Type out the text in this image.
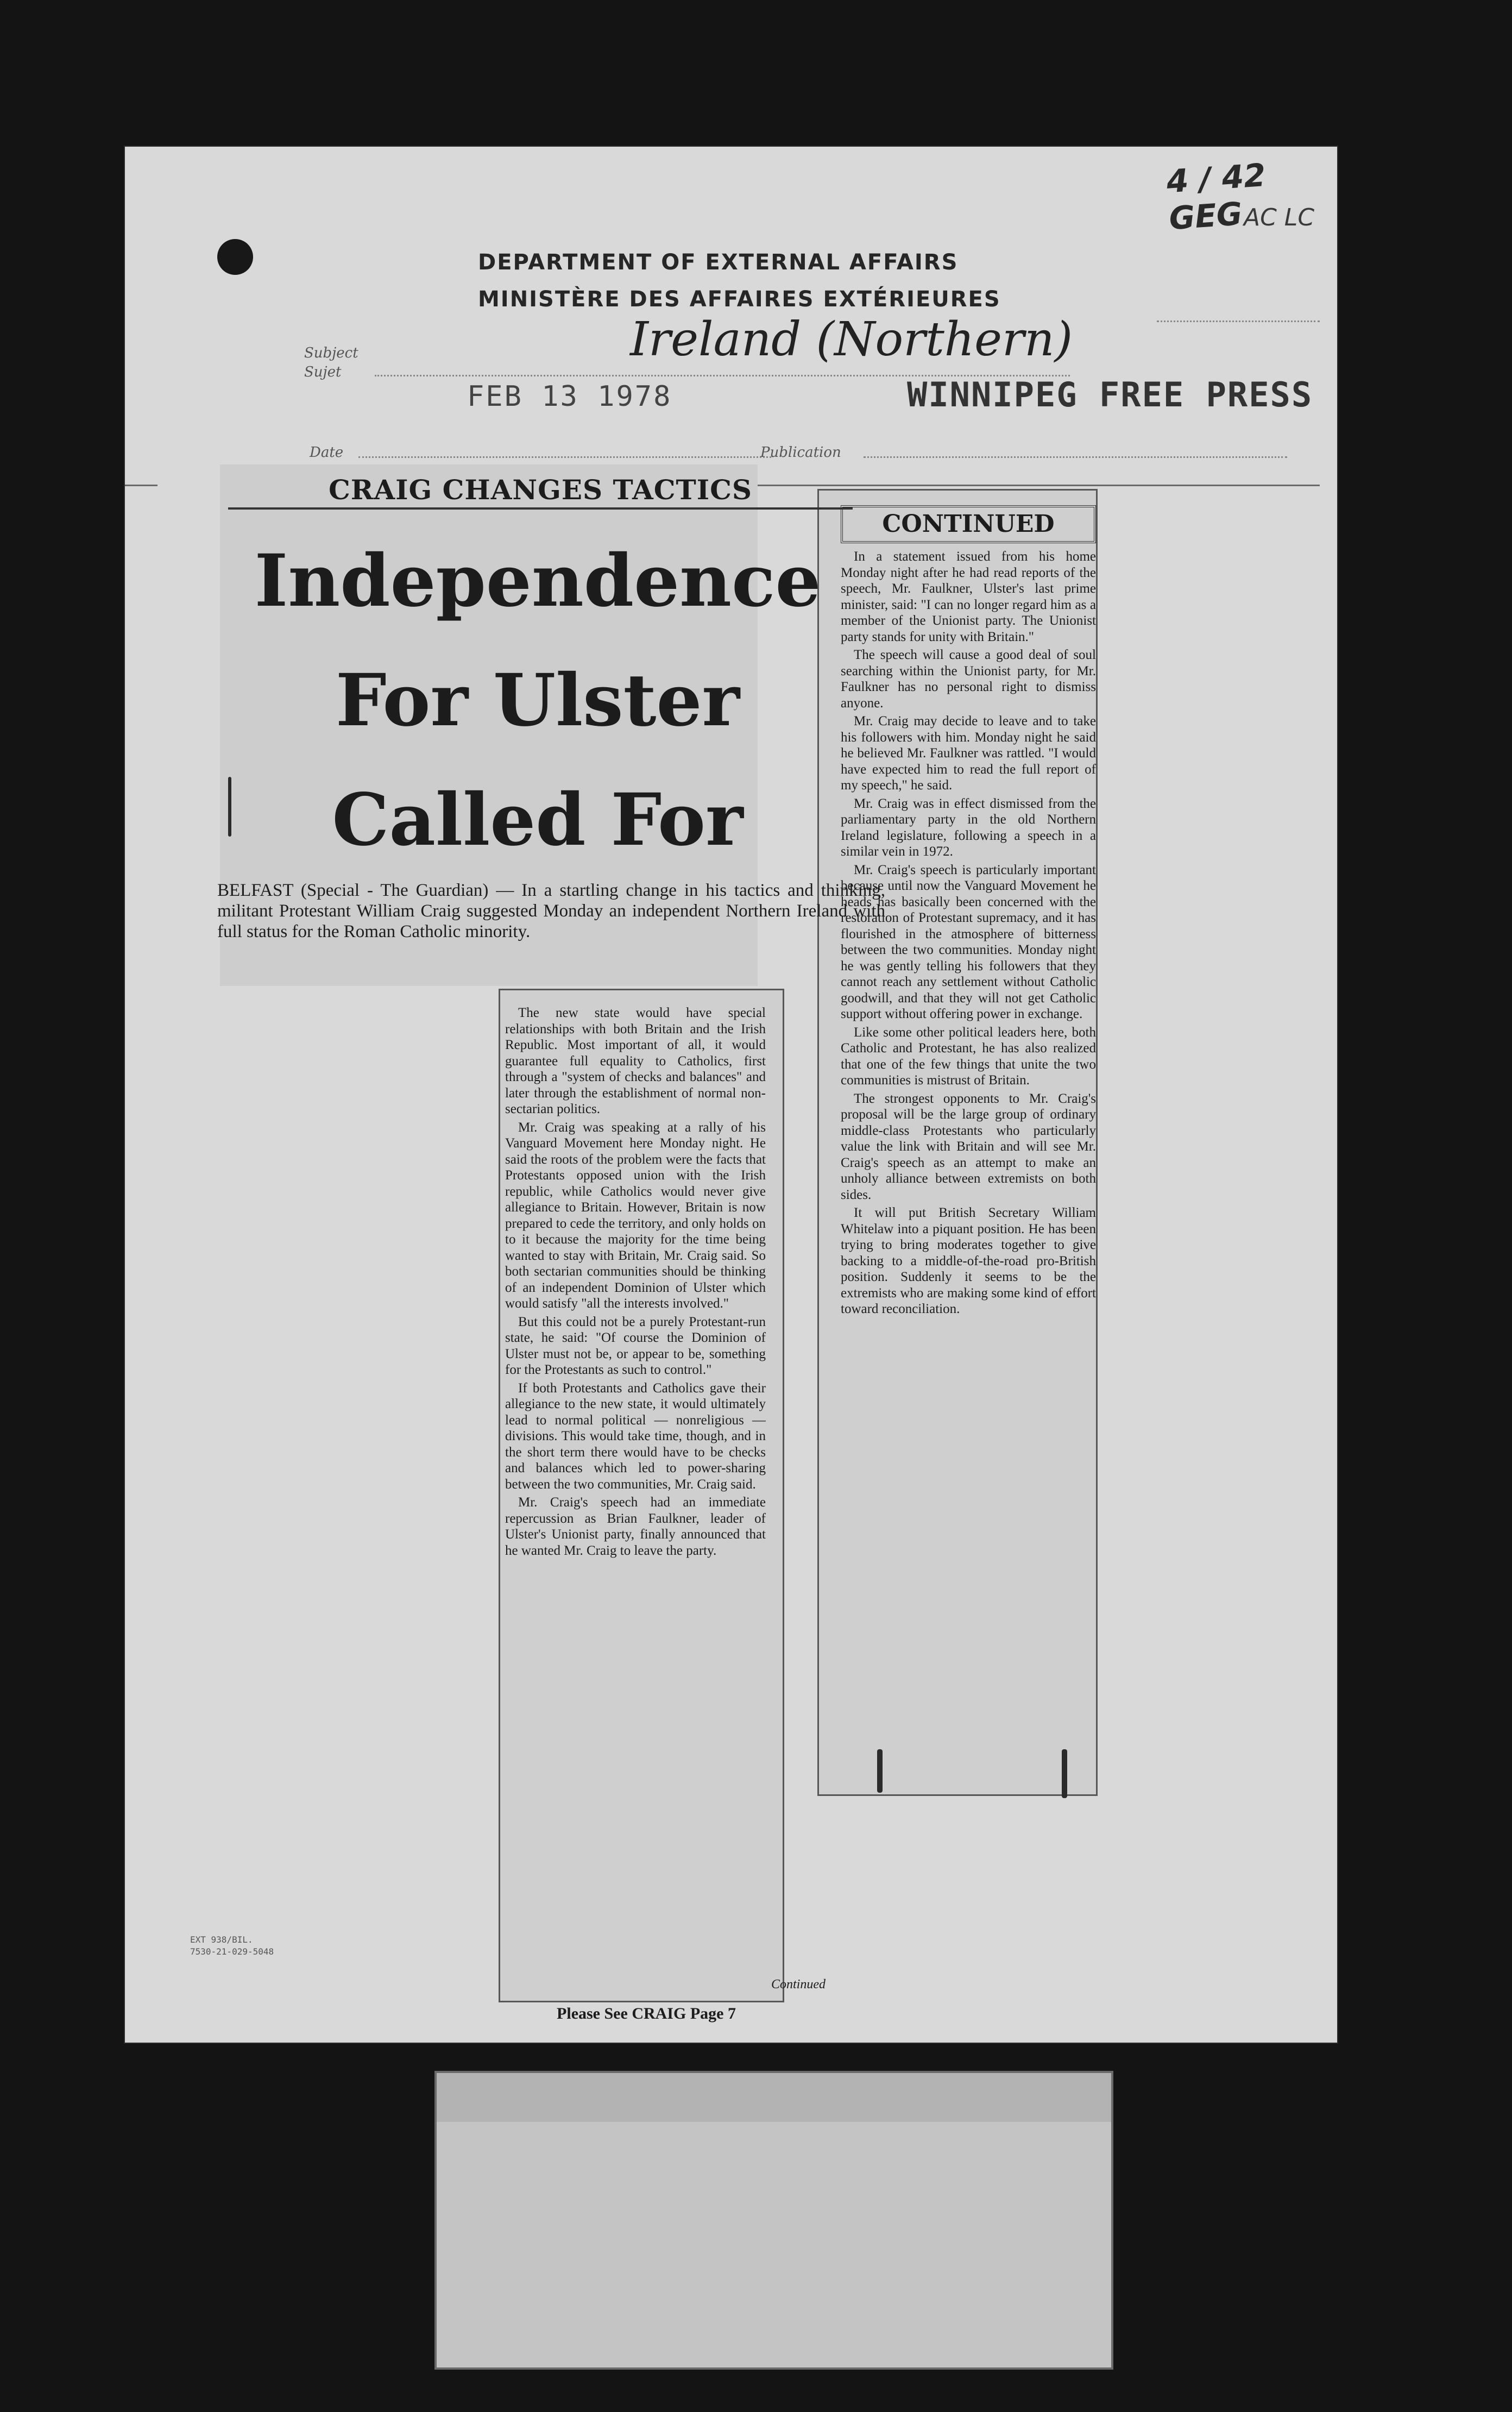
4 / 42 GEG AC LC
DEPARTMENT OF EXTERNAL AFFAIRS
MINISTÈRE DES AFFAIRES EXTÉRIEURES
Subject
Sujet
Ireland (Northern)
FEB 13 1978	WINNIPEG FREE PRESS
Date	Publication
EXT 938/BIL.
7530-21-029-5048
CRAIG CHANGES TACTICS
Independence
For Ulster
Called For
BELFAST (Special - The Guardian) — In a startling change in his tactics and thinking, militant Protestant William Craig suggested Monday an independent Northern Ireland with full status for the Roman Catholic minority.

The new state would have special relationships with both Britain and the Irish Republic. Most important of all, it would guarantee full equality to Catholics, first through a "system of checks and balances" and later through the establishment of normal non-sectarian politics.

Mr. Craig was speaking at a rally of his Vanguard Movement here Monday night. He said the roots of the problem were the facts that Protestants opposed union with the Irish republic, while Catholics would never give allegiance to Britain. However, Britain is now prepared to cede the territory, and only holds on to it because the majority for the time being wanted to stay with Britain, Mr. Craig said. So both sectarian communities should be thinking of an independent Dominion of Ulster which would satisfy "all the interests involved."

But this could not be a purely Protestant-run state, he said: "Of course the Dominion of Ulster must not be, or appear to be, something for the Protestants as such to control."

If both Protestants and Catholics gave their allegiance to the new state, it would ultimately lead to normal political — nonreligious — divisions. This would take time, though, and in the short term there would have to be checks and balances which led to power-sharing between the two communities, Mr. Craig said.

Mr. Craig's speech had an immediate repercussion as Brian Faulkner, leader of Ulster's Unionist party, finally announced that he wanted Mr. Craig to leave the party.

Continued
Please See CRAIG Page 7
CONTINUED

In a statement issued from his home Monday night after he had read reports of the speech, Mr. Faulkner, Ulster's last prime minister, said: "I can no longer regard him as a member of the Unionist party. The Unionist party stands for unity with Britain."

The speech will cause a good deal of soul searching within the Unionist party, for Mr. Faulkner has no personal right to dismiss anyone.

Mr. Craig may decide to leave and to take his followers with him. Monday night he said he believed Mr. Faulkner was rattled. "I would have expected him to read the full report of my speech," he said.

Mr. Craig was in effect dismissed from the parliamentary party in the old Northern Ireland legislature, following a speech in a similar vein in 1972.

Mr. Craig's speech is particularly important because until now the Vanguard Movement he heads has basically been concerned with the restoration of Protestant supremacy, and it has flourished in the atmosphere of bitterness between the two communities. Monday night he was gently telling his followers that they cannot reach any settlement without Catholic goodwill, and that they will not get Catholic support without offering power in exchange.

Like some other political leaders here, both Catholic and Protestant, he has also realized that one of the few things that unite the two communities is mistrust of Britain.

The strongest opponents to Mr. Craig's proposal will be the large group of ordinary middle-class Protestants who particularly value the link with Britain and will see Mr. Craig's speech as an attempt to make an unholy alliance between extremists on both sides.

It will put British Secretary William Whitelaw into a piquant position. He has been trying to bring moderates together to give backing to a middle-of-the-road pro-British position. Suddenly it seems to be the extremists who are making some kind of effort toward reconciliation.
